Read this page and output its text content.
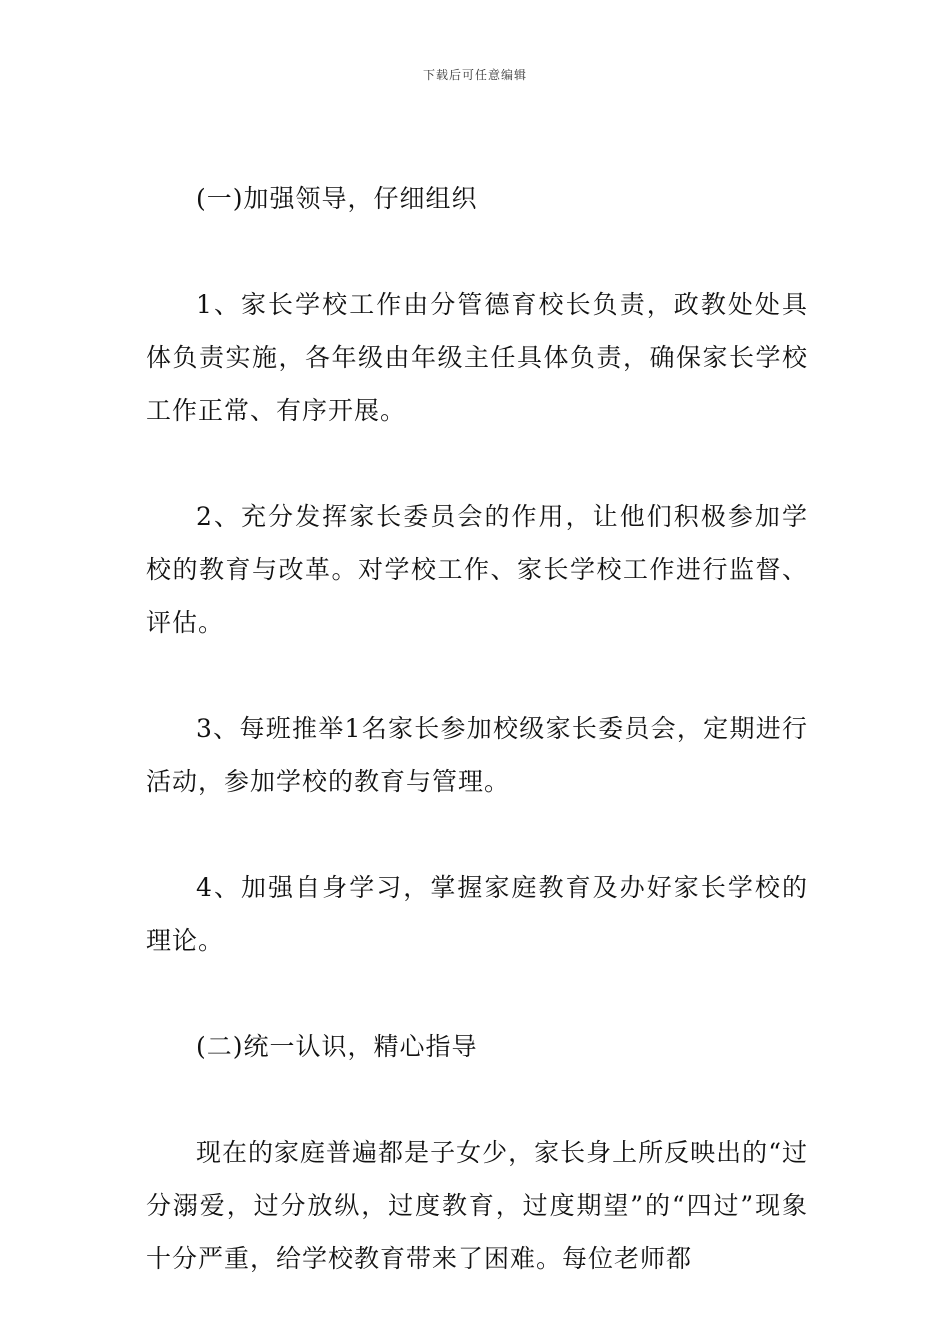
下载后可任意编辑

(一)加强领导，仔细组织

1、家长学校工作由分管德育校长负责，政教处处具体负责实施，各年级由年级主任具体负责，确保家长学校工作正常、有序开展。

2、充分发挥家长委员会的作用，让他们积极参加学校的教育与改革。对学校工作、家长学校工作进行监督、评估。

3、每班推举1名家长参加校级家长委员会，定期进行活动，参加学校的教育与管理。

4、加强自身学习，掌握家庭教育及办好家长学校的理论。

(二)统一认识，精心指导

现在的家庭普遍都是子女少，家长身上所反映出的“过分溺爱，过分放纵，过度教育，过度期望”的“四过”现象十分严重，给学校教育带来了困难。每位老师都
